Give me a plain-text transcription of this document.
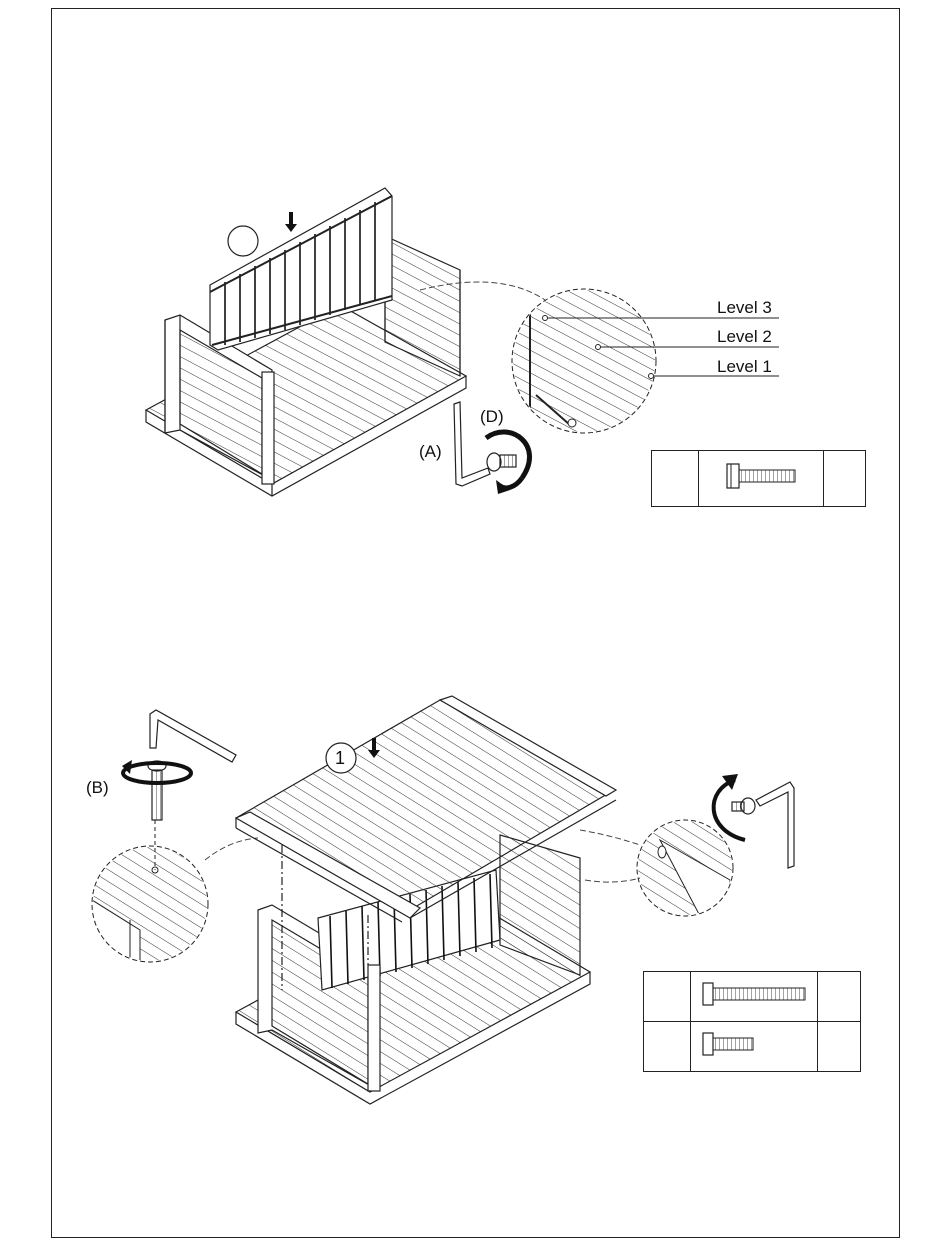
Level 3
Level 2
Level 1
(A)
(D)
(B)
1
